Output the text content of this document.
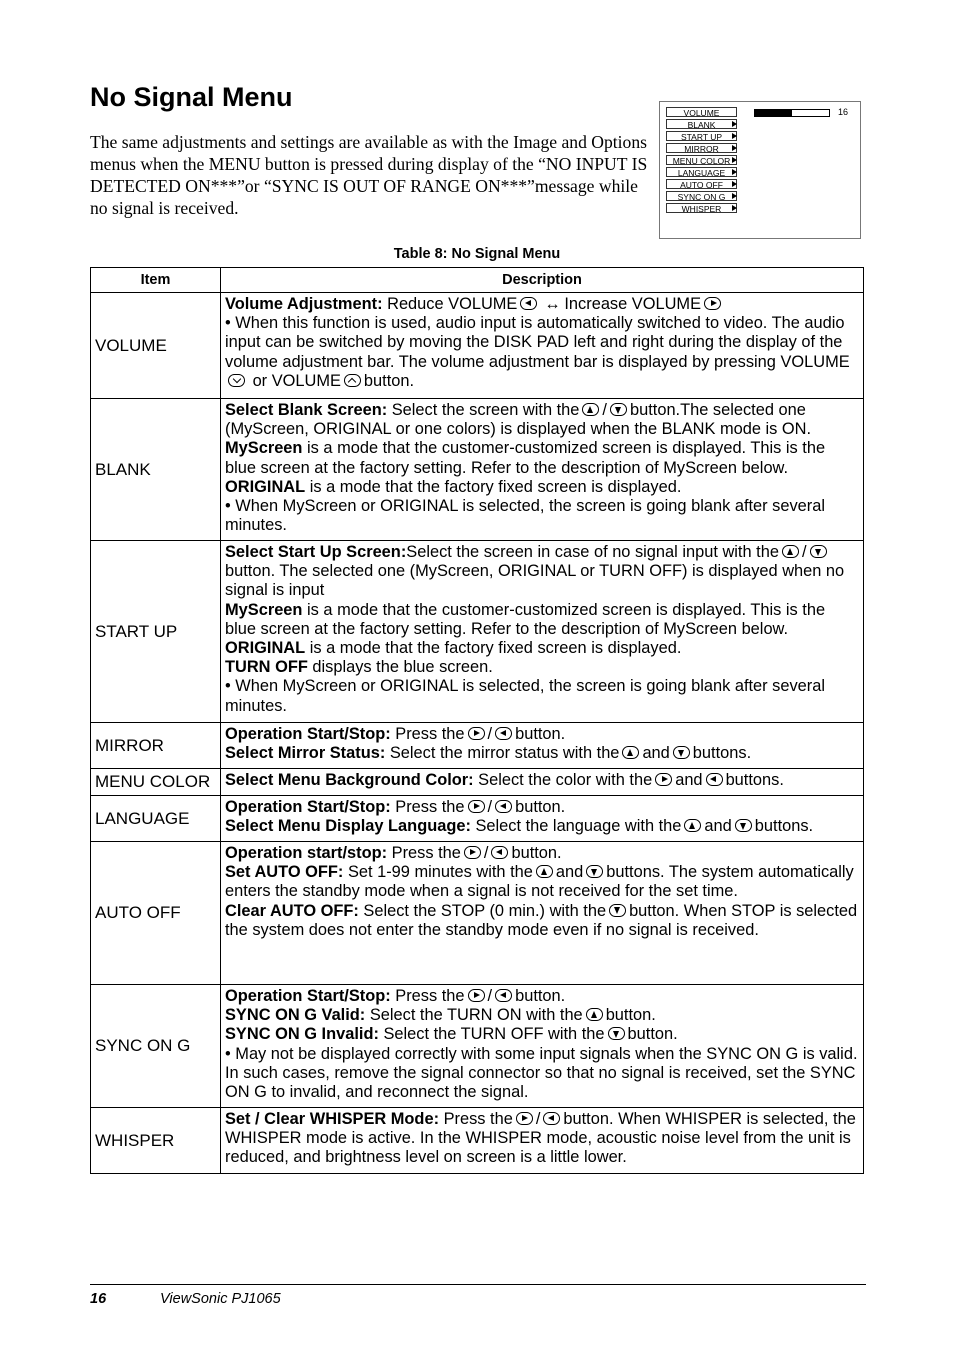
No Signal Menu
The same adjustments and settings are available as with the Image and Options menus when the MENU button is pressed during display of the “NO INPUT IS DETECTED ON***”or “SYNC IS OUT OF RANGE ON***”message while no signal is received.
VOLUME
BLANK
START UP
MIRROR
MENU COLOR
LANGUAGE
AUTO OFF
SYNC ON G
WHISPER
16
Table 8: No Signal Menu
Item	Description
VOLUME	Volume Adjustment: Reduce VOLUME ↔ Increase VOLUME
• When this function is used, audio input is automatically switched to video. The audio input can be switched by moving the DISK PAD left and right during the display of the volume adjustment bar. The volume adjustment bar is displayed by pressing VOLUME or VOLUME button.
BLANK	Select Blank Screen: Select the screen with the / button.The selected one (MyScreen, ORIGINAL or one colors) is displayed when the BLANK mode is ON.
MyScreen is a mode that the customer-customized screen is displayed. This is the blue screen at the factory setting. Refer to the description of MyScreen below.
ORIGINAL is a mode that the factory fixed screen is displayed.
• When MyScreen or ORIGINAL is selected, the screen is going blank after several minutes.
START UP	Select Start Up Screen:Select the screen in case of no signal input with the /button. The selected one (MyScreen, ORIGINAL or TURN OFF) is displayed when no signal is input
MyScreen is a mode that the customer-customized screen is displayed. This is the blue screen at the factory setting. Refer to the description of MyScreen below.
ORIGINAL is a mode that the factory fixed screen is displayed.
TURN OFF displays the blue screen.
• When MyScreen or ORIGINAL is selected, the screen is going blank after several minutes.
MIRROR	Operation Start/Stop: Press the / button.
Select Mirror Status: Select the mirror status with the and buttons.
MENU COLOR	Select Menu Background Color: Select the color with the and buttons.
LANGUAGE	Operation Start/Stop: Press the / button.
Select Menu Display Language: Select the language with the and buttons.
AUTO OFF	Operation start/stop: Press the / button.
Set AUTO OFF: Set 1-99 minutes with the and buttons. The system automatically enters the standby mode when a signal is not received for the set time.
Clear AUTO OFF: Select the STOP (0 min.) with the button. When STOP is selected the system does not enter the standby mode even if no signal is received.
SYNC ON G	Operation Start/Stop: Press the / button.
SYNC ON G Valid: Select the TURN ON with the button.
SYNC ON G Invalid: Select the TURN OFF with the button.
• May not be displayed correctly with some input signals when the SYNC ON G is valid. In such cases, remove the signal connector so that no signal is received, set the SYNC ON G to invalid, and reconnect the signal.
WHISPER	Set / Clear WHISPER Mode: Press the / button. When WHISPER is selected, the WHISPER mode is active. In the WHISPER mode, acoustic noise level from the unit is reduced, and brightness level on screen is a little lower.
16	ViewSonic PJ1065
